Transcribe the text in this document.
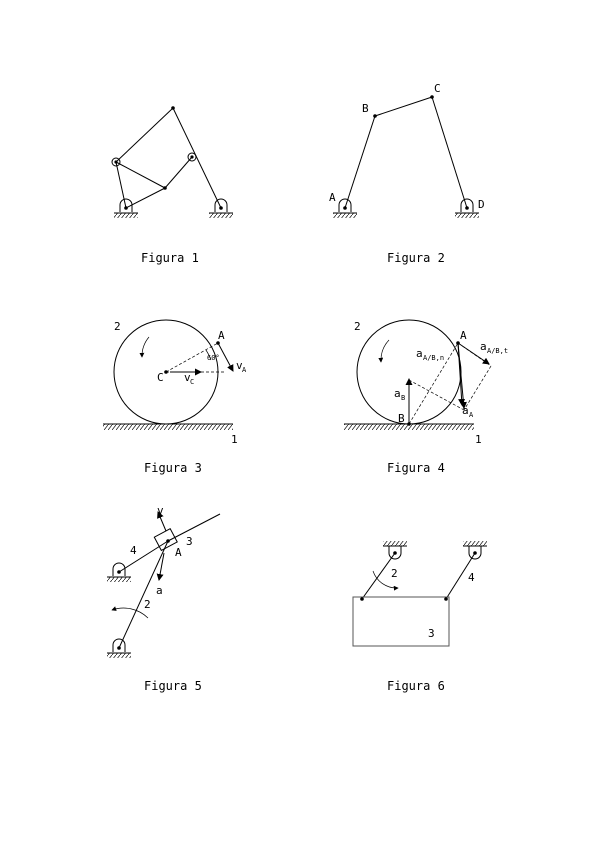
Figura 1
A
B
C
D
Figura 2
2
1
A
C
60°
v A
v C
Figura 3
2
1
A
B
a B
a A
a A/B,n
a A/B,t
Figura 4
v
4
3
A
a
2
Figura 5
2	4
3
Figura 6
